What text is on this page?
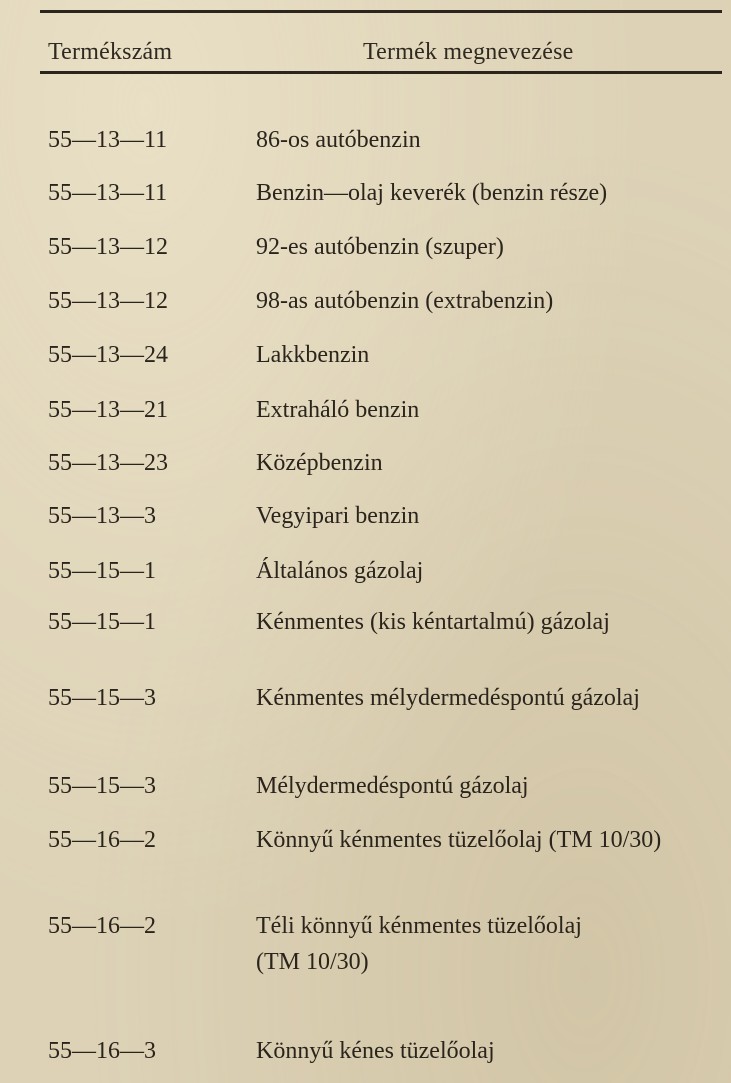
Termékszám	Termék megnevezése
55—13—11	86-os autóbenzin
55—13—11	Benzin—olaj keverék (benzin része)
55—13—12	92-es autóbenzin (szuper)
55—13—12	98-as autóbenzin (extrabenzin)
55—13—24	Lakkbenzin
55—13—21	Extraháló benzin
55—13—23	Középbenzin
55—13—3	Vegyipari benzin
55—15—1	Általános gázolaj
55—15—1	Kénmentes (kis kéntartalmú) gázolaj
55—15—3	Kénmentes mélydermedéspontú gázolaj
55—15—3	Mélydermedéspontú gázolaj
55—16—2	Könnyű kénmentes tüzelőolaj (TM 10/30)
55—16—2	Téli könnyű kénmentes tüzelőolaj (TM 10/30)
55—16—3	Könnyű kénes tüzelőolaj
